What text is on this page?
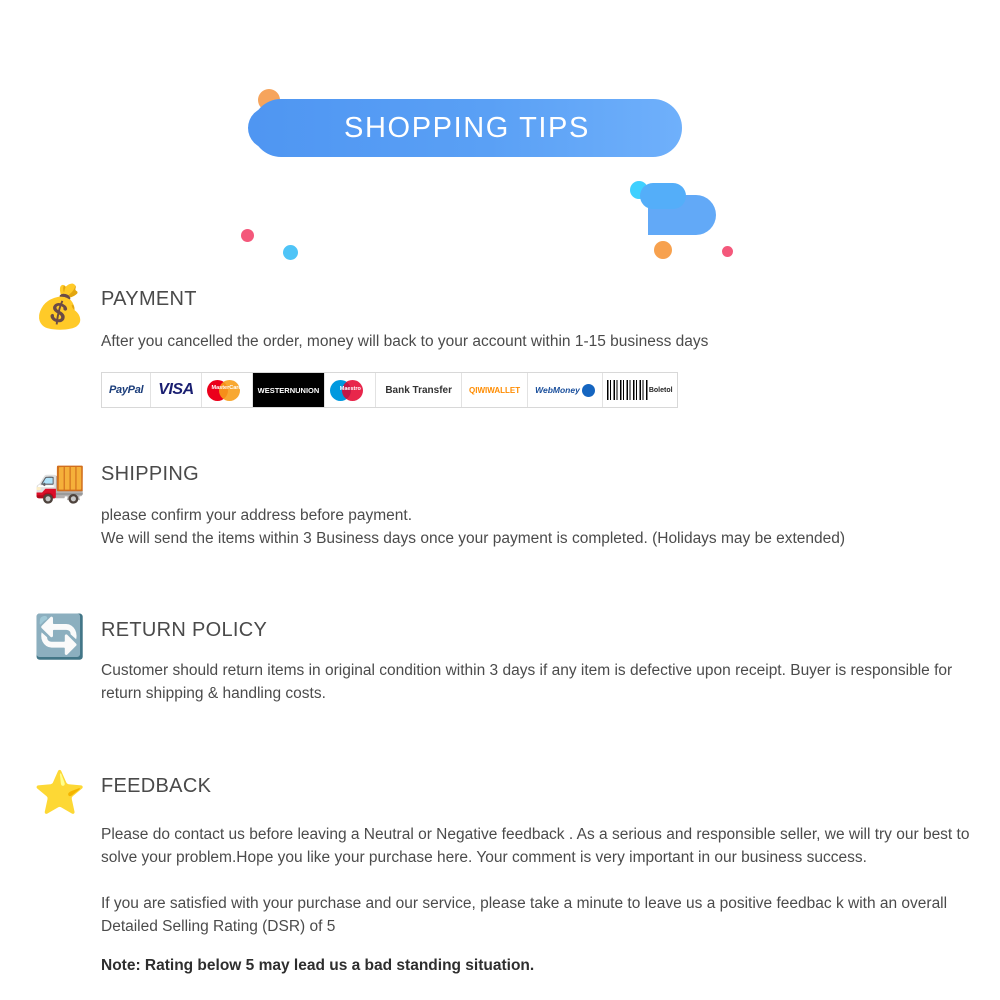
SHOPPING TIPS
💰 PAYMENT
After you cancelled the order, money will back to your account within 1-15 business days
PayPal VISA	MasterCard	WESTERN UNION	Maestro	Bank Transfer	QIWI WALLET WebMoney	Boletol
🚚 SHIPPING
please confirm your address before payment.
We will send the items within 3 Business days once your payment is completed. (Holidays may be extended)
🔄 RETURN POLICY
Customer should return items in original condition within 3 days if any item is defective upon receipt. Buyer is responsible for return shipping & handling costs.
⭐ FEEDBACK
Please do contact us before leaving a Neutral or Negative feedback . As a serious and responsible seller, we will try our best to solve your problem.Hope you like your purchase here. Your comment is very important in our business success.
If you are satisfied with your purchase and our service, please take a minute to leave us a positive feedbac k with an overall Detailed Selling Rating (DSR) of 5
Note: Rating below 5 may lead us a bad standing situation.
